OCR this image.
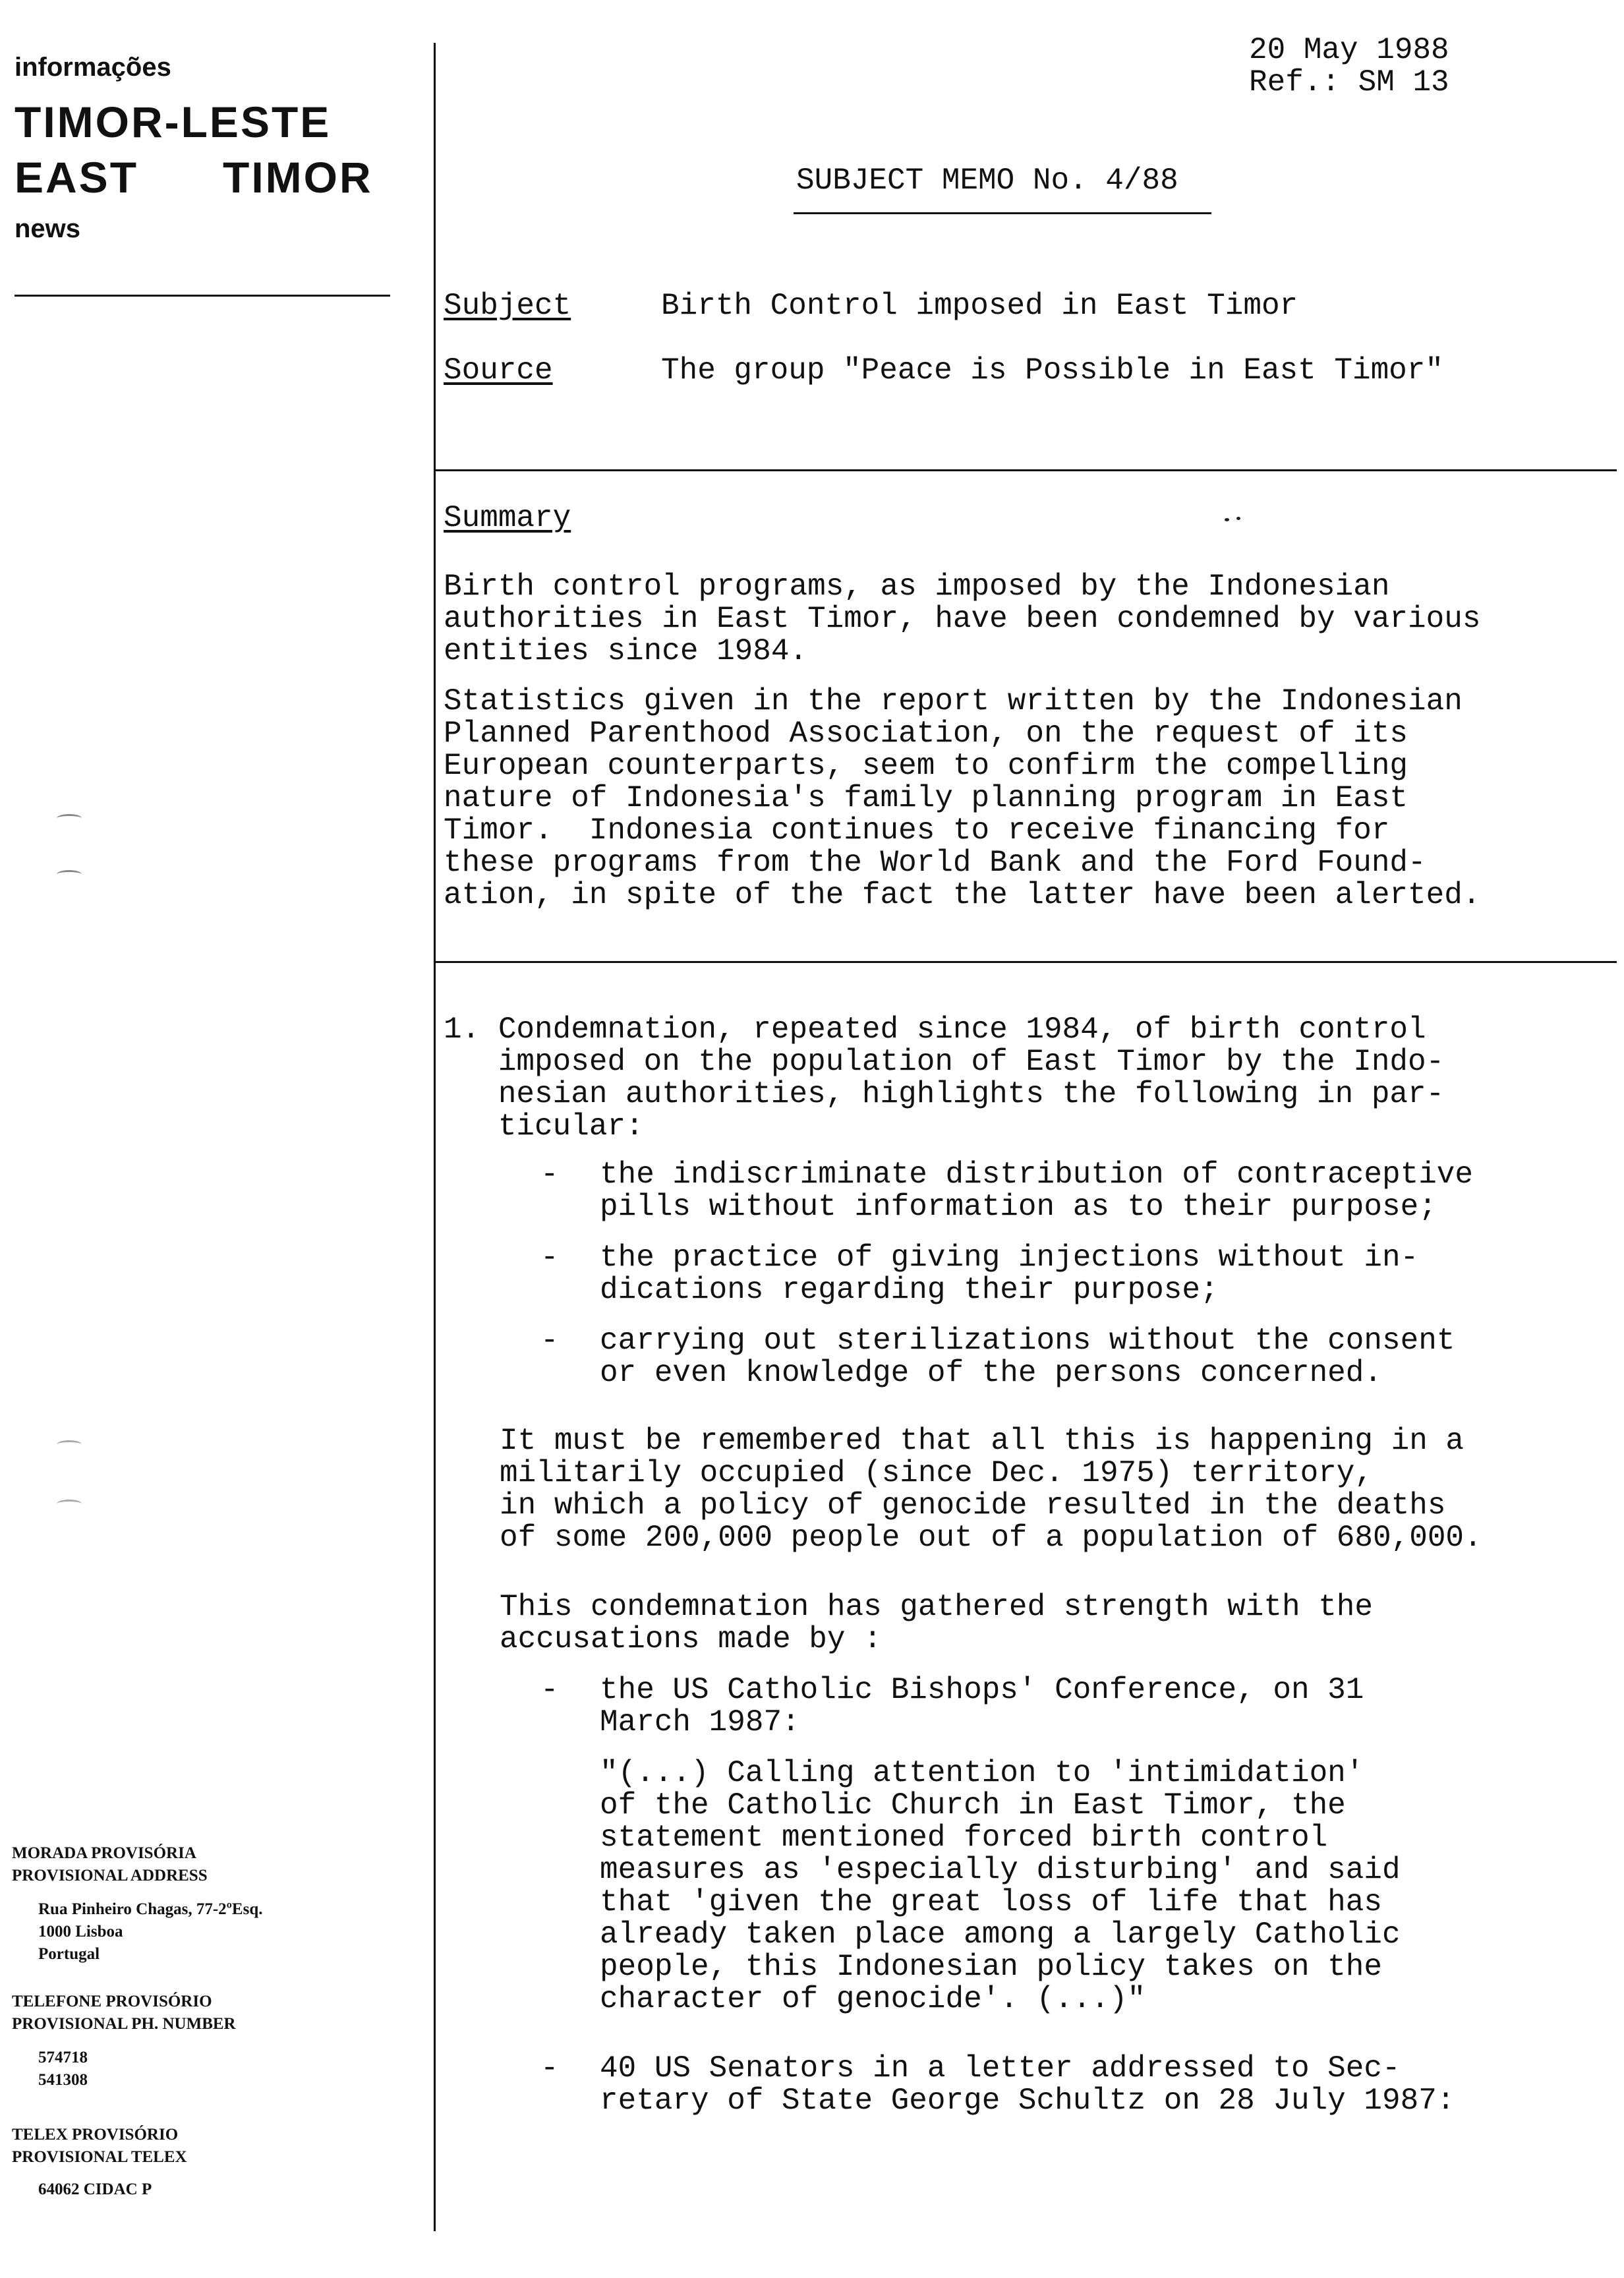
informações
TIMOR-LESTE
EAST TIMOR
news
20 May 1988
Ref.: SM 13
SUBJECT MEMO No. 4/88
Subject	Birth Control imposed in East Timor
Source	The group "Peace is Possible in East Timor"
Summary
Birth control programs, as imposed by the Indonesian
authorities in East Timor, have been condemned by various
entities since 1984.
Statistics given in the report written by the Indonesian
Planned Parenthood Association, on the request of its
European counterparts, seem to confirm the compelling
nature of Indonesia's family planning program in East
Timor.  Indonesia continues to receive financing for
these programs from the World Bank and the Ford Found-
ation, in spite of the fact the latter have been alerted.
1. Condemnation, repeated since 1984, of birth control
imposed on the population of East Timor by the Indo-
nesian authorities, highlights the following in par-
ticular:
- the indiscriminate distribution of contraceptive
pills without information as to their purpose;
- the practice of giving injections without in-
dications regarding their purpose;
- carrying out sterilizations without the consent
or even knowledge of the persons concerned.
It must be remembered that all this is happening in a
militarily occupied (since Dec. 1975) territory,
in which a policy of genocide resulted in the deaths
of some 200,000 people out of a population of 680,000.
This condemnation has gathered strength with the
accusations made by :
- the US Catholic Bishops' Conference, on 31
March 1987:
"(...) Calling attention to 'intimidation'
of the Catholic Church in East Timor, the
statement mentioned forced birth control
measures as 'especially disturbing' and said
that 'given the great loss of life that has
already taken place among a largely Catholic
people, this Indonesian policy takes on the
character of genocide'. (...)"
- 40 US Senators in a letter addressed to Sec-
retary of State George Schultz on 28 July 1987:
MORADA PROVISÓRIA
PROVISIONAL ADDRESS
Rua Pinheiro Chagas, 77-2ºEsq.
1000 Lisboa
Portugal
TELEFONE PROVISÓRIO
PROVISIONAL PH. NUMBER
574718
541308
TELEX PROVISÓRIO
PROVISIONAL TELEX
64062 CIDAC P
